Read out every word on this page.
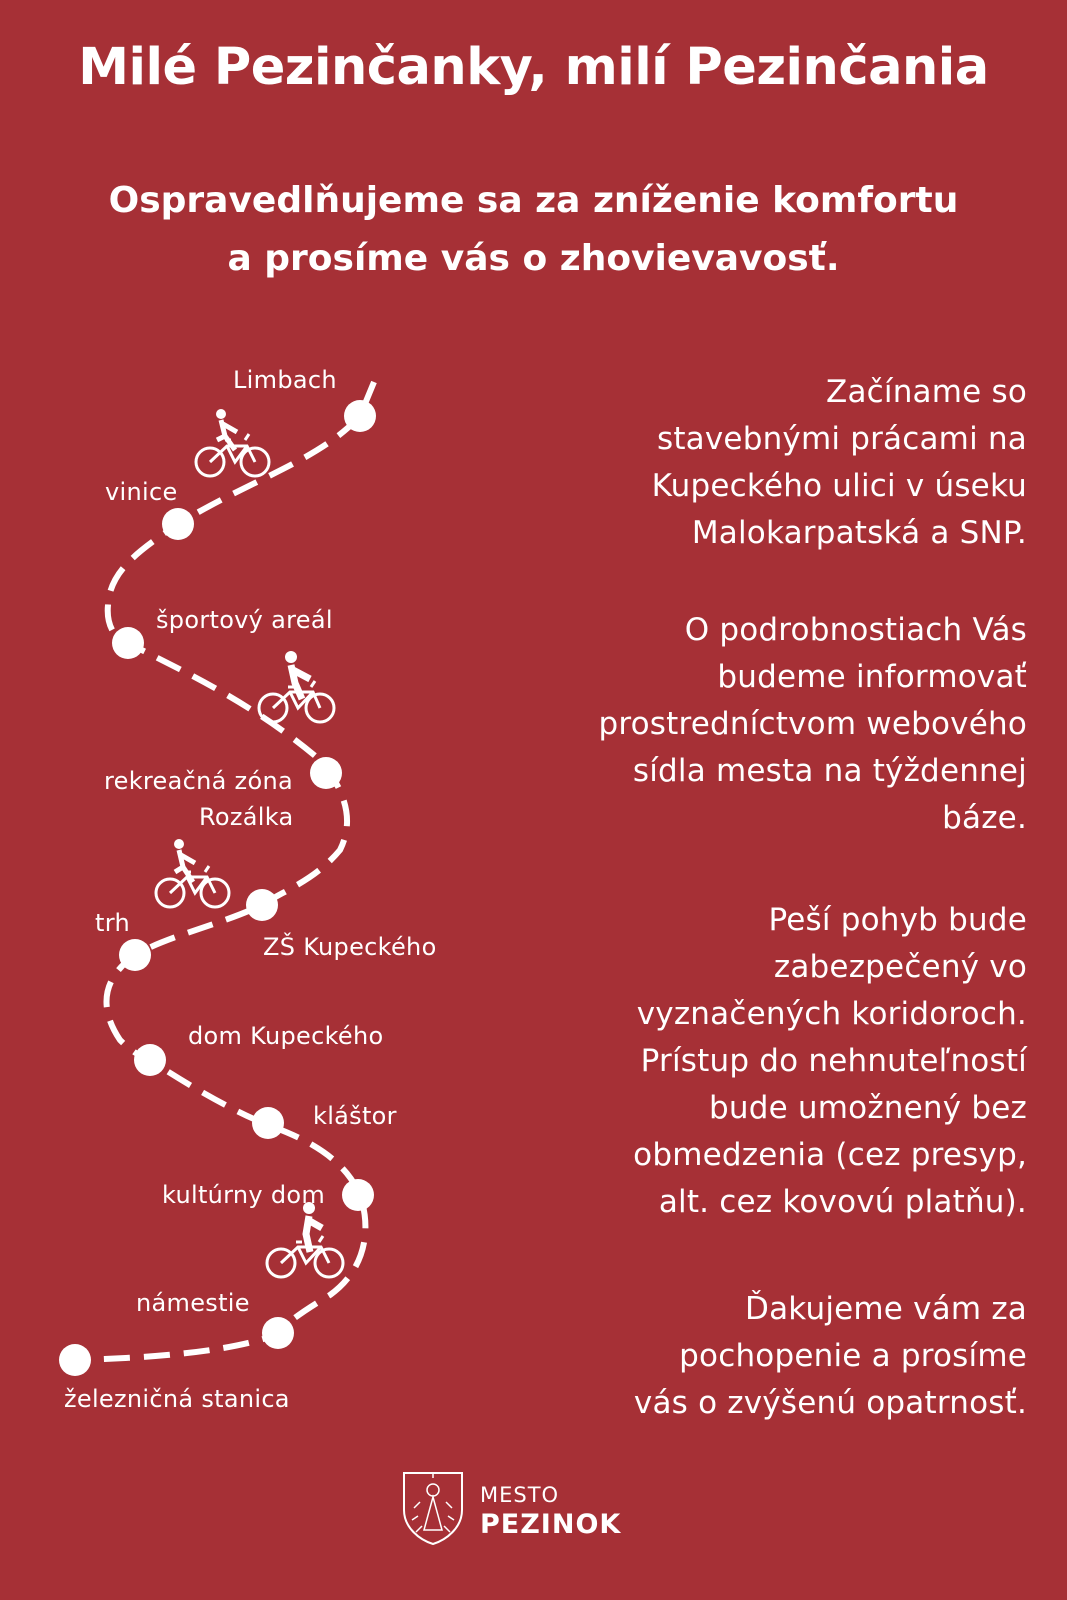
Milé Pezinčanky, milí Pezinčania
Ospravedlňujeme sa za zníženie komfortu
a prosíme vás o zhovievavosť.
Limbach
vinice
športový areál
rekreačná zóna
Rozálka
trh
ZŠ Kupeckého
dom Kupeckého
kláštor
kultúrny dom
námestie
železničná stanica
Začíname so
stavebnými prácami na
Kupeckého ulici v úseku
Malokarpatská a SNP.
O podrobnostiach Vás
budeme informovať
prostredníctvom webového
sídla mesta na týždennej
báze.
Peší pohyb bude
zabezpečený vo
vyznačených koridoroch.
Prístup do nehnuteľností
bude umožnený bez
obmedzenia (cez presyp,
alt. cez kovovú platňu).
Ďakujeme vám za
pochopenie a prosíme
vás o zvýšenú opatrnosť.
MESTO
PEZINOK
